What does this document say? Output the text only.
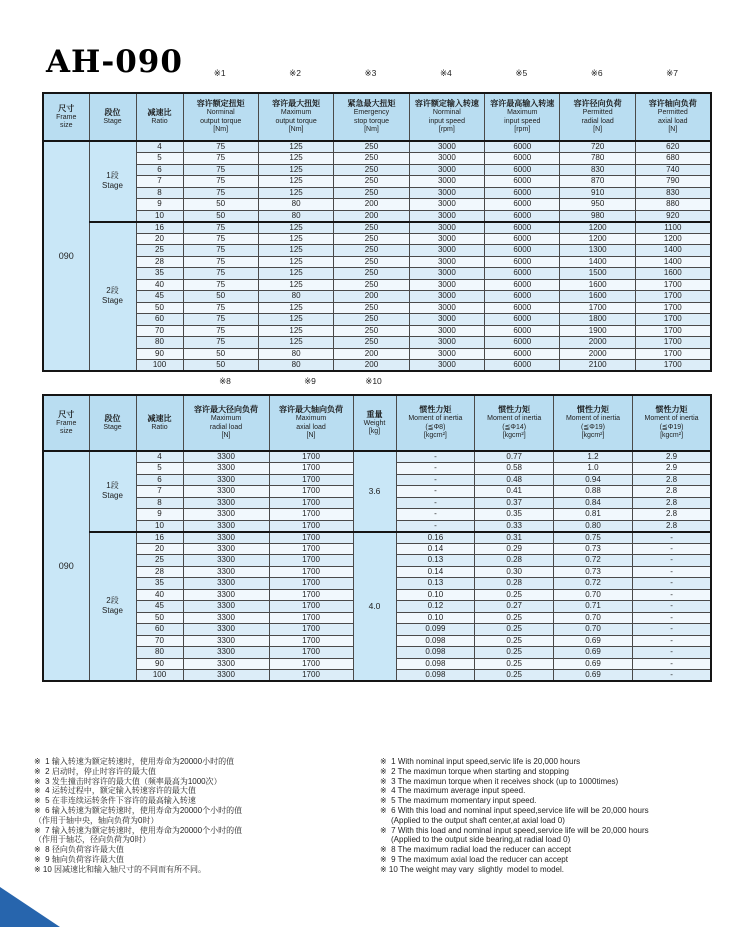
AH-090	※1	※2	※3	※4	※5	※6	※7
尺寸
Frame
size

段位
Stage

减速比
Ratio

容许额定扭矩
Norminal
output torque
[Nm]

容许最大扭矩
Maximum
output torque
[Nm]

紧急最大扭矩
Emergency
stop torque
[Nm]

容许额定输入转速
Norminal
input speed
[rpm]

容许最高输入转速
Maximum
input speed
[rpm]

容许径向负荷
Permitted
radial load
[N]

容许轴向负荷
Permitted
axial load
[N]

090	1段
Stage	4	75	125	250	3000	6000	720	620
		5	75	125	250	3000	6000	780	680
		6	75	125	250	3000	6000	830	740
		7	75	125	250	3000	6000	870	790
		8	75	125	250	3000	6000	910	830
		9	50	80	200	3000	6000	950	880
		10	50	80	200	3000	6000	980	920
	2段
Stage	16	75	125	250	3000	6000	1200	1100
		20	75	125	250	3000	6000	1200	1200
		25	75	125	250	3000	6000	1300	1400
		28	75	125	250	3000	6000	1400	1400
		35	75	125	250	3000	6000	1500	1600
		40	75	125	250	3000	6000	1600	1700
		45	50	80	200	3000	6000	1600	1700
		50	75	125	250	3000	6000	1700	1700
		60	75	125	250	3000	6000	1800	1700
		70	75	125	250	3000	6000	1900	1700
		80	75	125	250	3000	6000	2000	1700
		90	50	80	200	3000	6000	2000	1700
		100	50	80	200	3000	6000	2100	1700
※8	※9	※10
尺寸
Frame
size

段位
Stage

减速比
Ratio

容许最大径向负荷
Maximum
radial load
[N]

容许最大轴向负荷
Maximum
axial load
[N]

重量
Weight
[kg]

惯性力矩
Moment of inertia
(≦Φ8)
[kgcm²]

惯性力矩
Moment of inertia
(≦Φ14)
[kgcm²]

惯性力矩
Moment of inertia
(≦Φ19)
[kgcm²]

惯性力矩
Moment of inertia
(≦Φ19)
[kgcm²]

090	1段
Stage	4	3300	1700	3.6	-	0.77	1.2	2.9
		5	3300	1700		-	0.58	1.0	2.9
		6	3300	1700		-	0.48	0.94	2.8
		7	3300	1700		-	0.41	0.88	2.8
		8	3300	1700		-	0.37	0.84	2.8
		9	3300	1700		-	0.35	0.81	2.8
		10	3300	1700		-	0.33	0.80	2.8
	2段
Stage	16	3300	1700	4.0	0.16	0.31	0.75	-
		20	3300	1700		0.14	0.29	0.73	-
		25	3300	1700		0.13	0.28	0.72	-
		28	3300	1700		0.14	0.30	0.73	-
		35	3300	1700		0.13	0.28	0.72	-
		40	3300	1700		0.10	0.25	0.70	-
		45	3300	1700		0.12	0.27	0.71	-
		50	3300	1700		0.10	0.25	0.70	-
		60	3300	1700		0.099	0.25	0.70	-
		70	3300	1700		0.098	0.25	0.69	-
		80	3300	1700		0.098	0.25	0.69	-
		90	3300	1700		0.098	0.25	0.69	-
		100	3300	1700		0.098	0.25	0.69	-
※  1 输入转速为额定转速时，使用寿命为20000小时的值
※  2 启动时，停止时容许的最大值
※  3 发生撞击时容许的最大值（频率最高为1000次）
※  4 运转过程中，额定输入转速容许的最大值
※  5 在非连续运转条件下容许的最高输入转速
※  6 输入转速为额定转速时，使用寿命为20000个小时的值
（作用于轴中央，轴向负荷为0时）
※  7 输入转速为额定转速时，使用寿命为20000个小时的值
（作用于轴芯，径向负荷为0时）
※  8 径向负荷容许最大值
※  9 轴向负荷容许最大值
※ 10 因减速比和输入轴尺寸的不同而有所不同。
※  1 With nominal input speed,servic life is 20,000 hours
※  2 The maximun torque when starting and stopping
※  3 The maximun torque when it receives shock (up to 1000times)
※  4 The maximum average input speed.
※  5 The maximum momentary input speed.
※  6 With this load and nominal input speed,service life will be 20,000 hours
(Applied to the output shaft center,at axial load 0)
※  7 With this load and nominal input speed,service life will be 20,000 hours
(Applied to the output side bearing,at radial load 0)
※  8 The maximum radial load the reducer can accept
※  9 The maximum axial load the reducer can accept
※ 10 The weight may vary  slightly  model to model.
